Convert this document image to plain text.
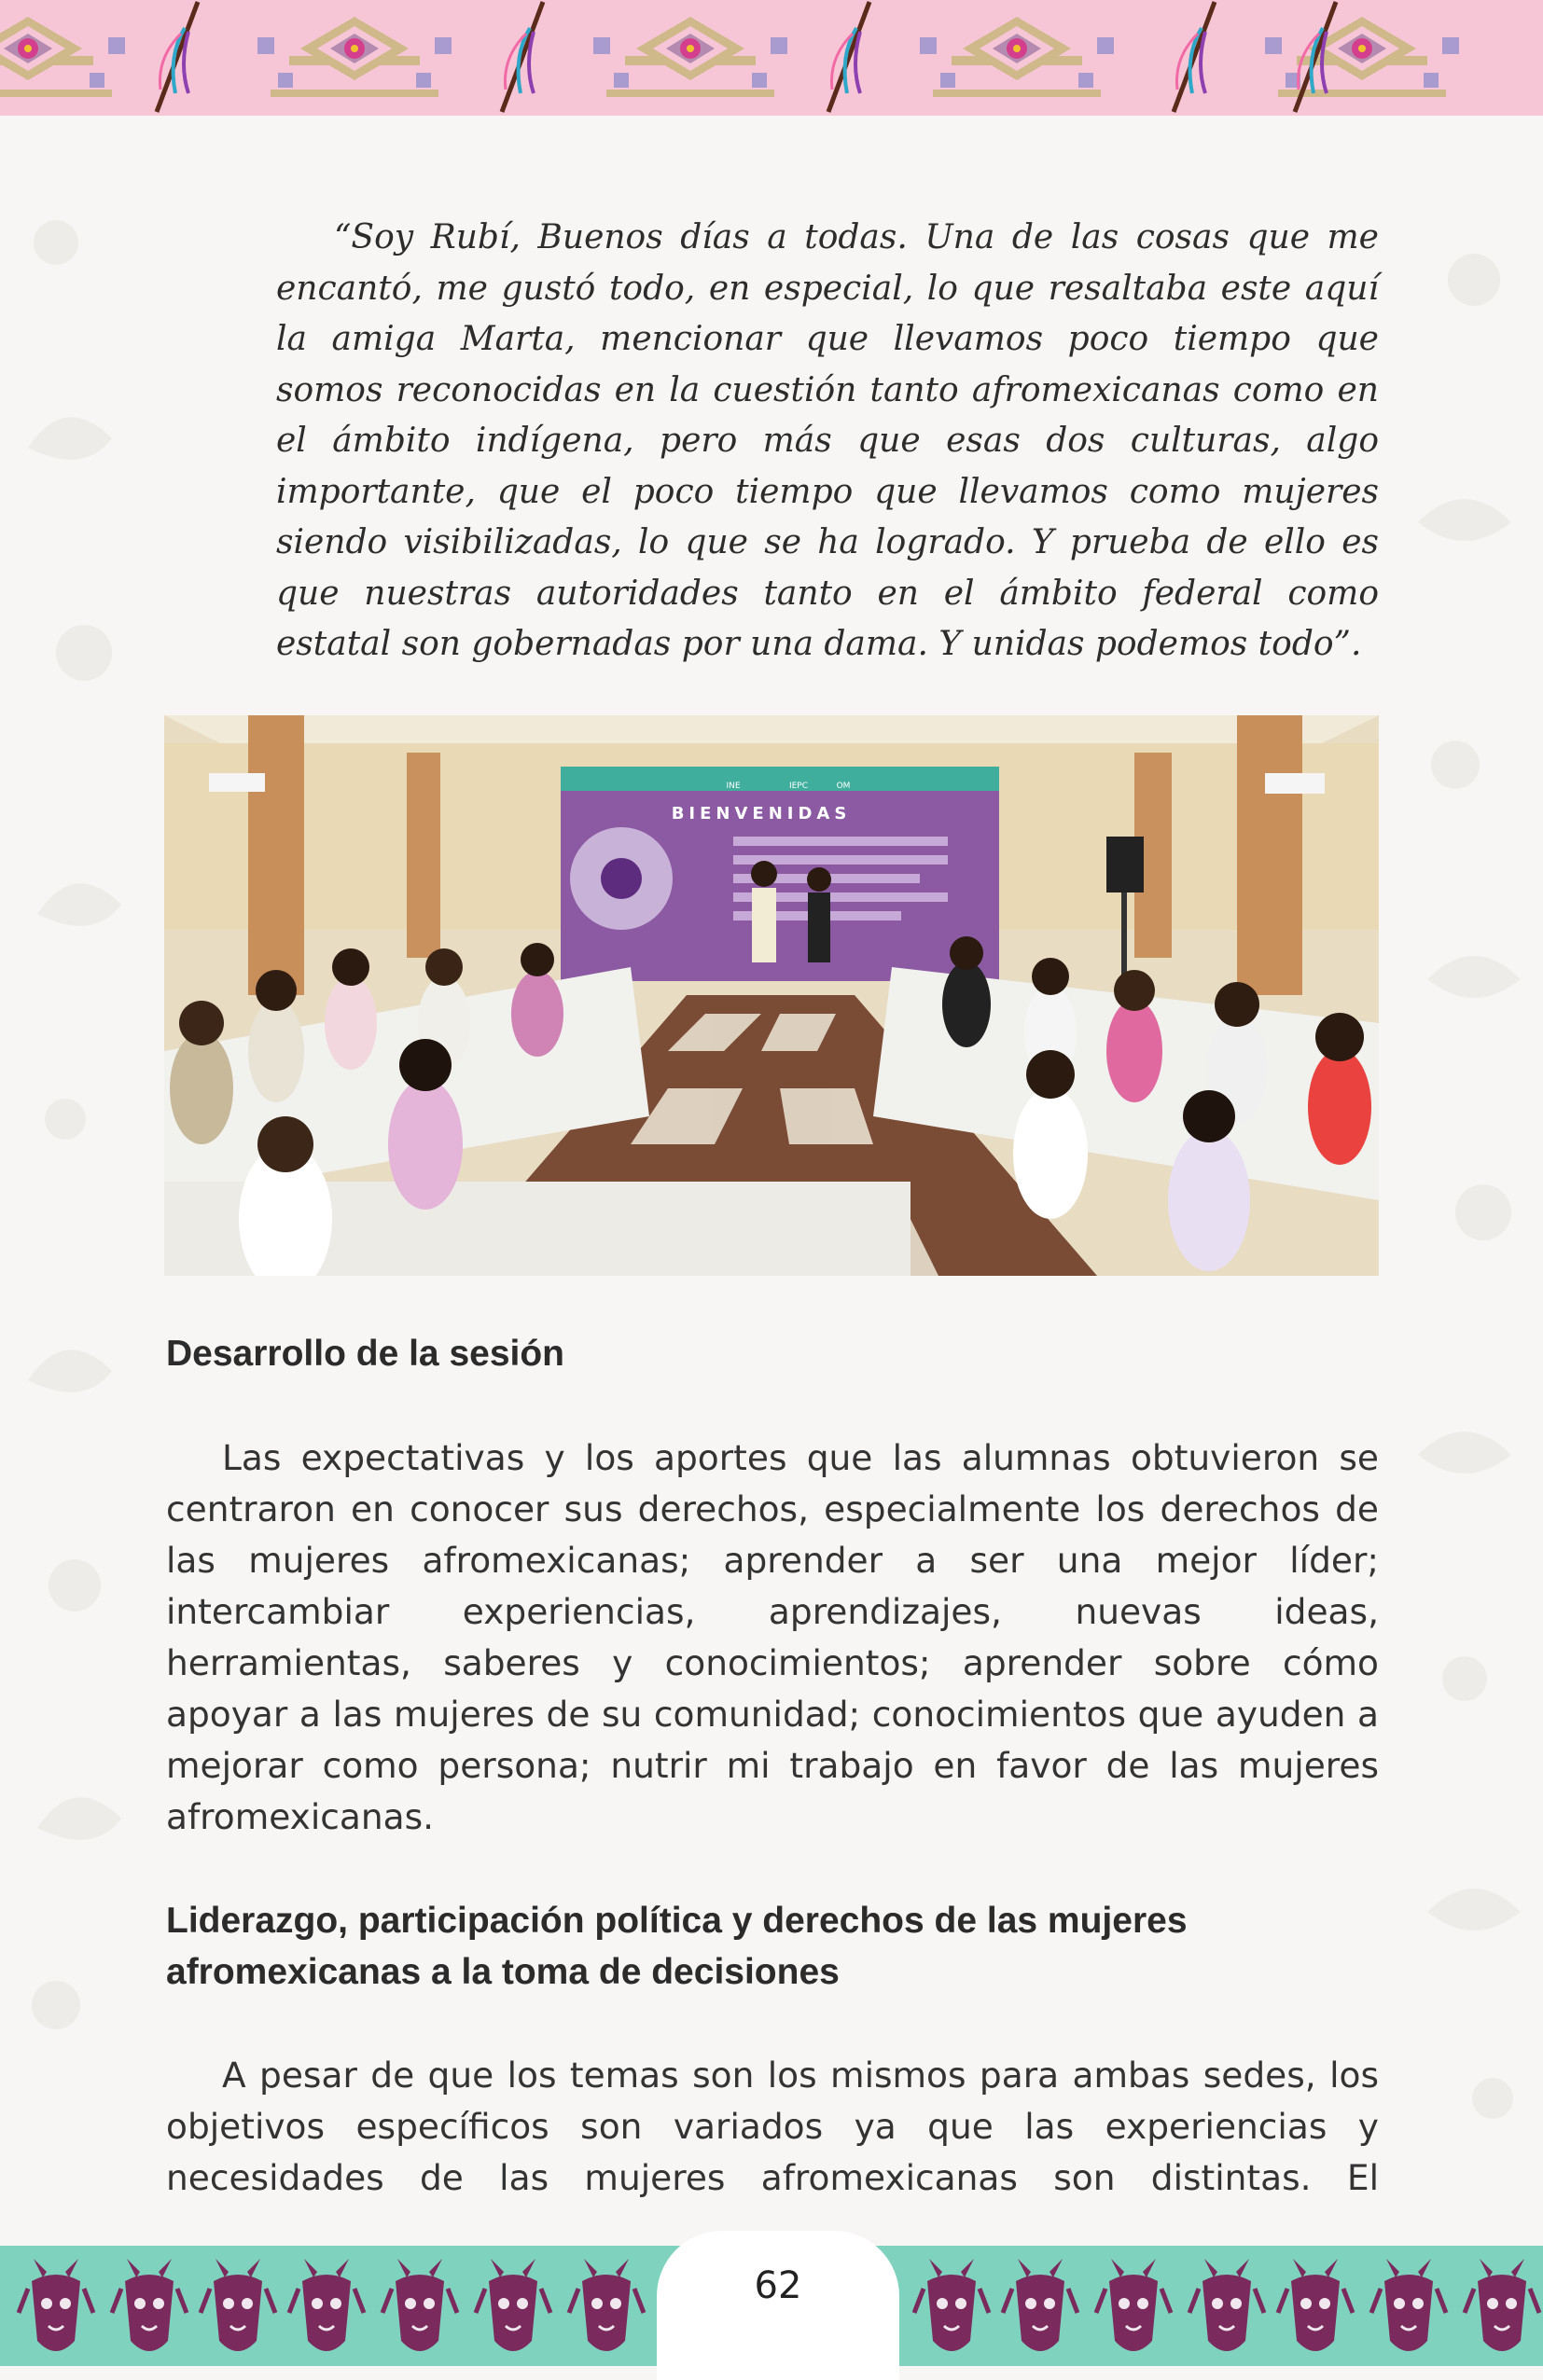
“Soy Rubí, Buenos días a todas. Una de las cosas que me encantó, me gustó todo, en especial, lo que resaltaba este aquí la amiga Marta, mencionar que llevamos poco tiempo que somos reconocidas en la cuestión tanto afromexicanas como en el ámbito indígena, pero más que esas dos culturas, algo importante, que el poco tiempo que llevamos como mujeres siendo visibilizadas, lo que se ha logrado. Y prueba de ello es que nuestras autoridades tanto en el ámbito federal como estatal son gobernadas por una dama. Y unidas podemos todo”.

BIENVENIDAS
INE	IEPC	OM
Desarrollo de la sesión

Las expectativas y los aportes que las alumnas obtuvieron se centraron en conocer sus derechos, especialmente los derechos de las mujeres afromexicanas; aprender a ser una mejor líder; intercambiar experiencias, aprendizajes, nuevas ideas, herramientas, saberes y conocimientos; aprender sobre cómo apoyar a las mujeres de su comunidad; conocimientos que ayuden a mejorar como persona; nutrir mi trabajo en favor de las mujeres afromexicanas.

Liderazgo, participación política y derechos de las mujeres afromexicanas a la toma de decisiones

A pesar de que los temas son los mismos para ambas sedes, los objetivos específicos son variados ya que las experiencias y necesidades de las mujeres afromexicanas son distintas. El

62
